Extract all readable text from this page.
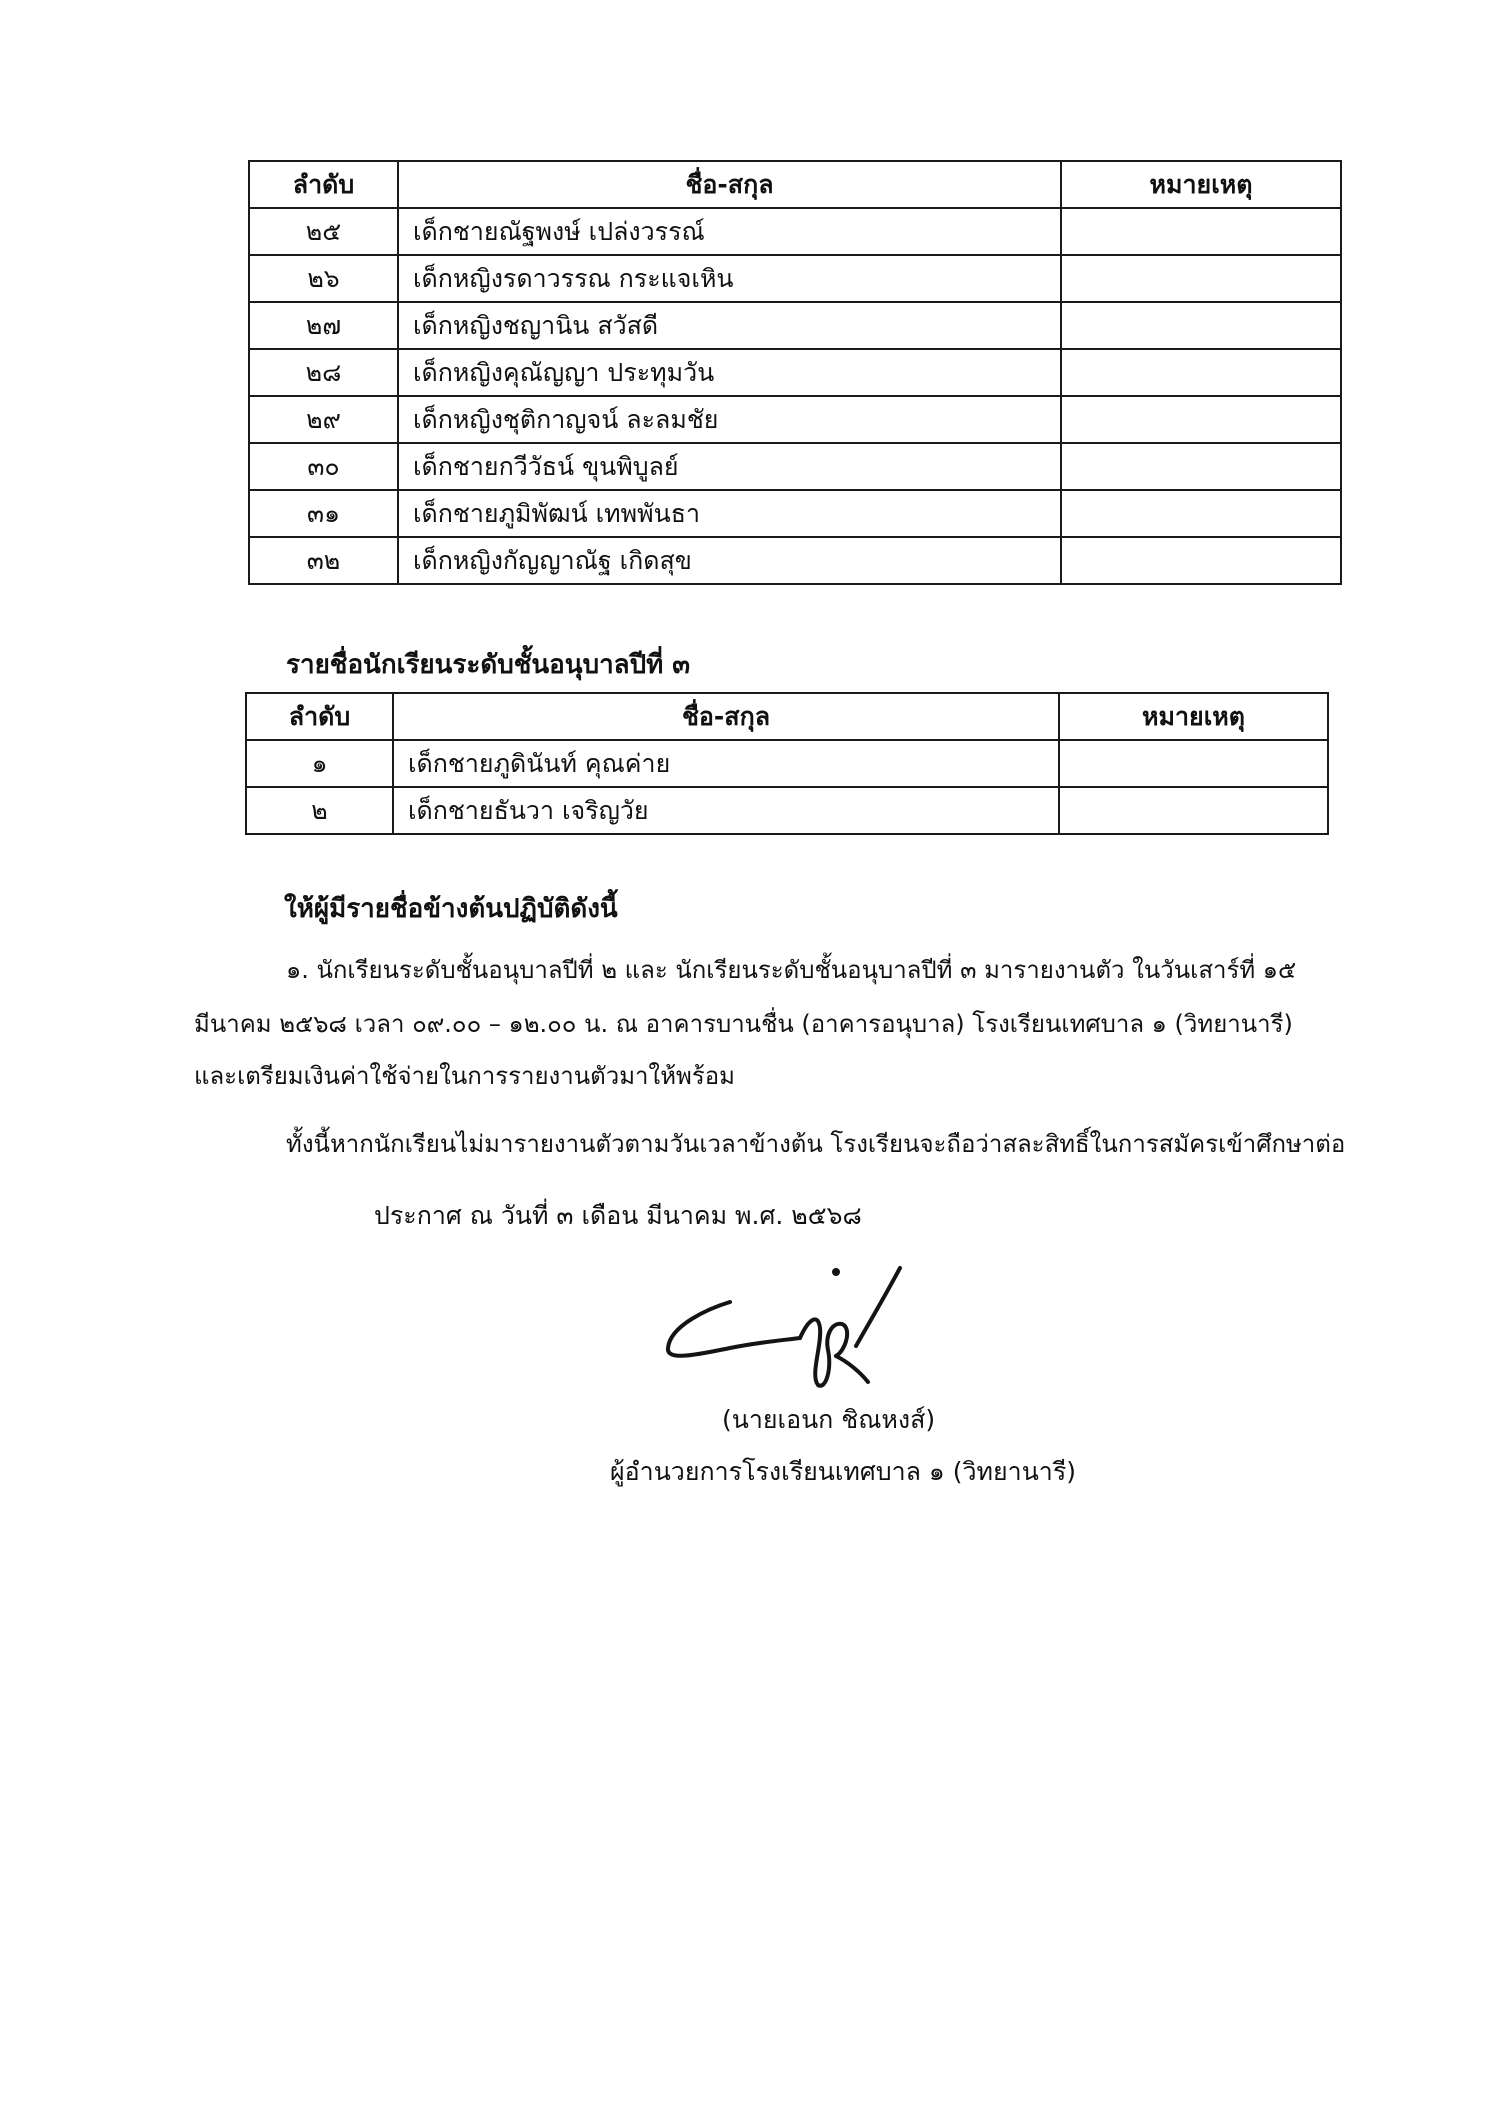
ลำดับ	ชื่อ-สกุล	หมายเหตุ
๒๕	เด็กชายณัฐพงษ์ เปล่งวรรณ์	
๒๖	เด็กหญิงรดาวรรณ กระแจเหิน	
๒๗	เด็กหญิงชญานิน สวัสดี	
๒๘	เด็กหญิงคุณัญญา ประทุมวัน	
๒๙	เด็กหญิงชุติกาญจน์ ละลมชัย	
๓๐	เด็กชายกวีวัธน์ ขุนพิบูลย์	
๓๑	เด็กชายภูมิพัฒน์ เทพพันธา	
๓๒	เด็กหญิงกัญญาณัฐ เกิดสุข	
รายชื่อนักเรียนระดับชั้นอนุบาลปีที่ ๓
ลำดับ	ชื่อ-สกุล	หมายเหตุ
๑	เด็กชายภูดินันท์ คุณค่าย	
๒	เด็กชายธันวา เจริญวัย	
ให้ผู้มีรายชื่อข้างต้นปฏิบัติดังนี้
๑. นักเรียนระดับชั้นอนุบาลปีที่ ๒ และ นักเรียนระดับชั้นอนุบาลปีที่ ๓ มารายงานตัว ในวันเสาร์ที่ ๑๕
มีนาคม ๒๕๖๘ เวลา ๐๙.๐๐ – ๑๒.๐๐ น. ณ อาคารบานชื่น (อาคารอนุบาล) โรงเรียนเทศบาล ๑ (วิทยานารี)
และเตรียมเงินค่าใช้จ่ายในการรายงานตัวมาให้พร้อม
ทั้งนี้หากนักเรียนไม่มารายงานตัวตามวันเวลาข้างต้น โรงเรียนจะถือว่าสละสิทธิ์ในการสมัครเข้าศึกษาต่อ
ประกาศ ณ วันที่ ๓ เดือน มีนาคม พ.ศ. ๒๕๖๘
(นายเอนก ชิณหงส์)
ผู้อำนวยการโรงเรียนเทศบาล ๑ (วิทยานารี)
